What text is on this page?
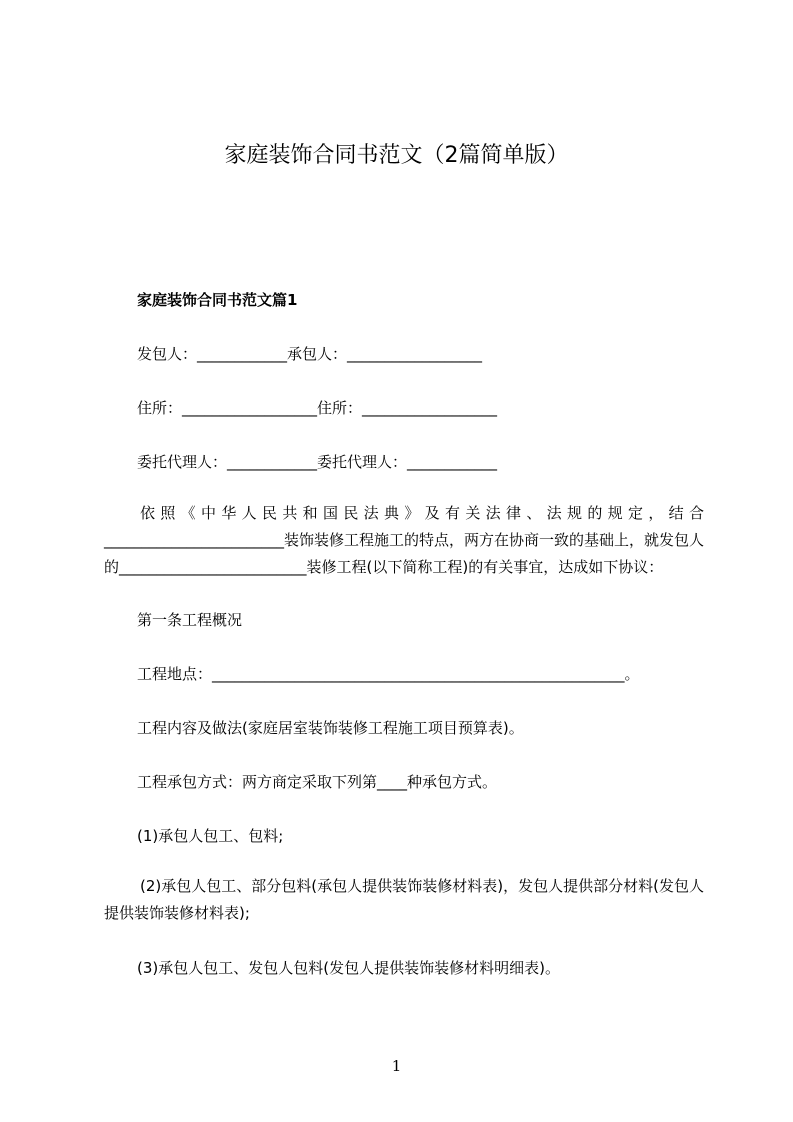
家庭装饰合同书范文（2篇简单版）
家庭装饰合同书范文篇1
发包人：____________承包人：__________________
住所：__________________住所：__________________
委托代理人：____________委托代理人：____________
依照《中华人民共和国民法典》及有关法律、法规的规定，结合________________________装饰装修工程施工的特点，两方在协商一致的基础上，就发包人的_________________________装修工程(以下简称工程)的有关事宜，达成如下协议：
第一条工程概况
工程地点：_______________________________________________________。
工程内容及做法(家庭居室装饰装修工程施工项目预算表)。
工程承包方式：两方商定采取下列第____种承包方式。
(1)承包人包工、包料;
(2)承包人包工、部分包料(承包人提供装饰装修材料表)，发包人提供部分材料(发包人提供装饰装修材料表);
(3)承包人包工、发包人包料(发包人提供装饰装修材料明细表)。
1
